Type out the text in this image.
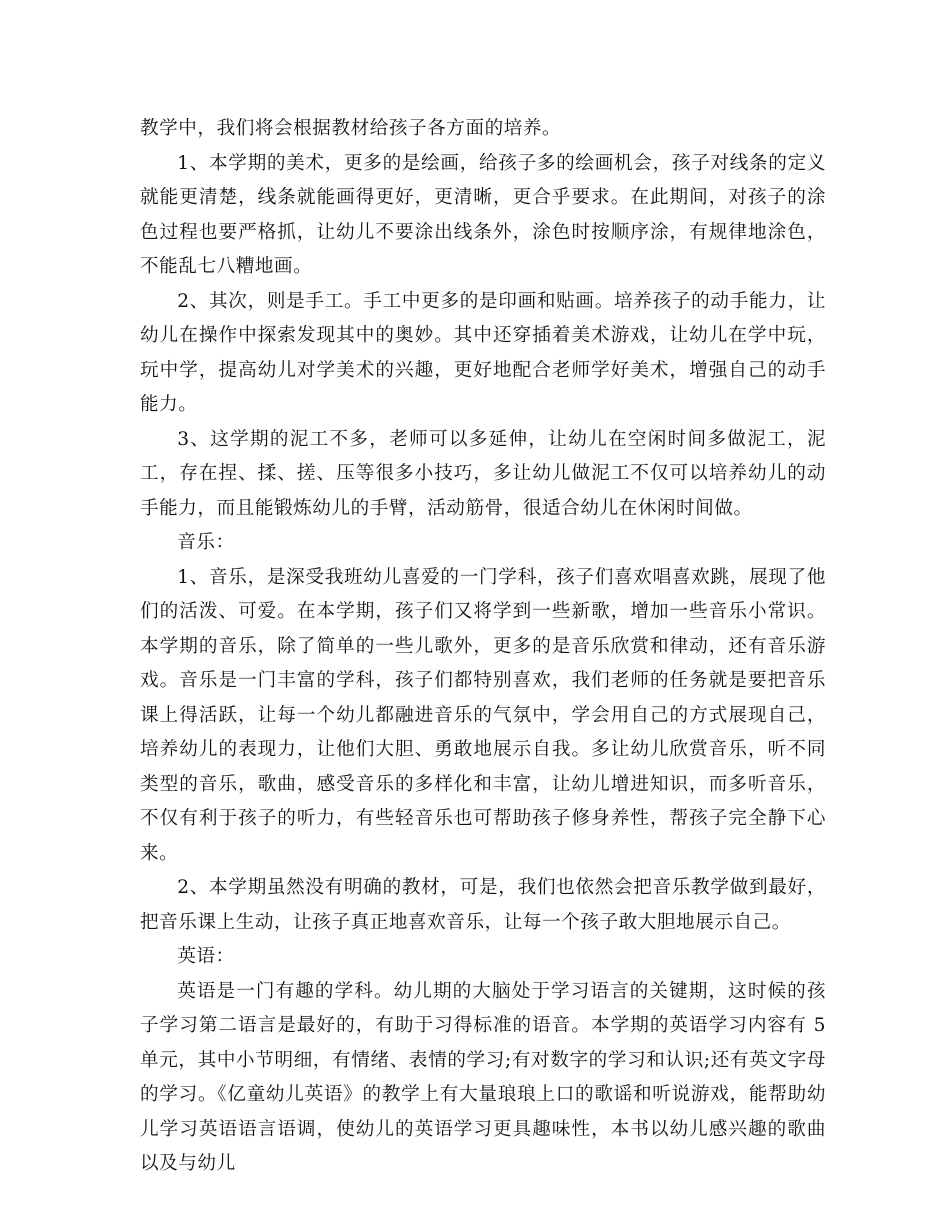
教学中，我们将会根据教材给孩子各方面的培养。

1、本学期的美术，更多的是绘画，给孩子多的绘画机会，孩子对线条的定义就能更清楚，线条就能画得更好，更清晰，更合乎要求。在此期间，对孩子的涂色过程也要严格抓，让幼儿不要涂出线条外，涂色时按顺序涂，有规律地涂色，不能乱七八糟地画。

2、其次，则是手工。手工中更多的是印画和贴画。培养孩子的动手能力，让幼儿在操作中探索发现其中的奥妙。其中还穿插着美术游戏，让幼儿在学中玩，玩中学，提高幼儿对学美术的兴趣，更好地配合老师学好美术，增强自己的动手能力。

3、这学期的泥工不多，老师可以多延伸，让幼儿在空闲时间多做泥工，泥工，存在捏、揉、搓、压等很多小技巧，多让幼儿做泥工不仅可以培养幼儿的动手能力，而且能锻炼幼儿的手臂，活动筋骨，很适合幼儿在休闲时间做。

音乐：

1、音乐，是深受我班幼儿喜爱的一门学科，孩子们喜欢唱喜欢跳，展现了他们的活泼、可爱。在本学期，孩子们又将学到一些新歌，增加一些音乐小常识。本学期的音乐，除了简单的一些儿歌外，更多的是音乐欣赏和律动，还有音乐游戏。音乐是一门丰富的学科，孩子们都特别喜欢，我们老师的任务就是要把音乐课上得活跃，让每一个幼儿都融进音乐的气氛中，学会用自己的方式展现自己，培养幼儿的表现力，让他们大胆、勇敢地展示自我。多让幼儿欣赏音乐，听不同类型的音乐，歌曲，感受音乐的多样化和丰富，让幼儿增进知识，而多听音乐，不仅有利于孩子的听力，有些轻音乐也可帮助孩子修身养性，帮孩子完全静下心来。

2、本学期虽然没有明确的教材，可是，我们也依然会把音乐教学做到最好，把音乐课上生动，让孩子真正地喜欢音乐，让每一个孩子敢大胆地展示自己。

英语：

英语是一门有趣的学科。幼儿期的大脑处于学习语言的关键期，这时候的孩子学习第二语言是最好的，有助于习得标准的语音。本学期的英语学习内容有 5 单元，其中小节明细，有情绪、表情的学习;有对数字的学习和认识;还有英文字母的学习。《亿童幼儿英语》的教学上有大量琅琅上口的歌谣和听说游戏，能帮助幼儿学习英语语言语调，使幼儿的英语学习更具趣味性，本书以幼儿感兴趣的歌曲以及与幼儿
